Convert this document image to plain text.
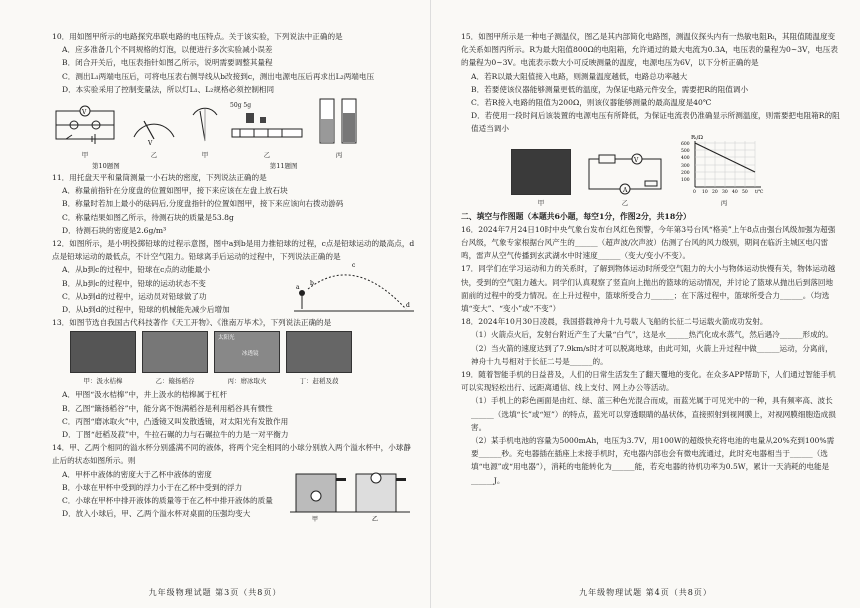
10．用如图甲所示的电路探究串联电路的电压特点。关于该实验，下列说法中正确的是

A．应多准备几个不同规格的灯泡，以便进行多次实验减小误差

B．闭合开关后，电压表指针如图乙所示，说明需要调整其量程

C．测出L₁两端电压后，可将电压表右侧导线从b改接到c，测出电源电压后再求出L₂两端电压

D．本实验采用了控制变量法，所以灯L₁、L₂规格必须控制相同

V
甲
V
乙	甲
50g 5g
乙	丙
第10题图	第11题图

11．用托盘天平和量筒测量一小石块的密度，下列说法正确的是

A．称量前指针在分度盘的位置如图甲，接下来应该在左盘上放石块

B．称量时若加上最小的砝码后,分度盘指针的位置如图甲，接下来应该向右拨动游码

C．称量结果如图乙所示，待测石块的质量是53.8g

D．待测石块的密度是2.6g/m³

12．如图所示，是小明投掷铅球的过程示意图，图中a到b是用力推铅球的过程，c点是铅球运动的最高点，d点是铅球运动的最低点，不计空气阻力。铅球离手后运动的过程中，下列说法正确的是

A．从b到c的过程中，铅球在c点的动能最小

B．从b到c的过程中，铅球的运动状态不变

C．从b到d的过程中，运动员对铅球做了功

D．从b到d的过程中，铅球的机械能先减少后增加

a
b
c
d

13．如图节选自我国古代科技著作《天工开物》、《淮南万毕术》，下列说法正确的是

甲：汲水桔槔	乙：簸扬稻谷
太阳光
冰透镜
丙：磨冰取火	丁：赶稻及菽

A．甲图“汲水桔槔”中，井上汲水的桔槔属于杠杆

B．乙图“簸扬稻谷”中，能分离不饱满稻谷是利用稻谷具有惯性

C．丙图“磨冰取火”中，凸透镜又叫发散透镜，对太阳光有发散作用

D．丁图“赶稻及菽”中，牛拉石碾的力与石碾拉牛的力是一对平衡力

14．甲、乙两个相同的溢水杯分别盛满不同的液体，将两个完全相同的小球分别放入两个溢水杯中，小球静止后的状态如图所示。则

A．甲杯中液体的密度大于乙杯中液体的密度

B．小球在甲杯中受到的浮力小于在乙杯中受到的浮力

C．小球在甲杯中排开液体的质量等于在乙杯中排开液体的质量

D．放入小球后，甲、乙两个溢水杯对桌面的压强均变大

甲	乙
九年级物理试题 第3页（共8页）

15．如图甲所示是一种电子测温仪，图乙是其内部简化电路图，测温仪探头内有一热敏电阻Rₜ，其阻值随温度变化关系如图丙所示。R为最大阻值800Ω的电阻箱，允许通过的最大电流为0.3A，电压表的量程为0~3V，电压表的量程为0~3V。电流表示数大小可反映测量的温度，电源电压为6V，以下分析正确的是

A．若R以最大阻值接入电路，则测量温度越低，电路总功率越大

B．若要使该仪器能够测量更低的温度，为保证电路元件安全，需要把R的阻值调小

C．若R接入电路的阻值为200Ω，则该仪器能够测量的最高温度是40℃

D．若使用一段时间后该装置的电源电压有所降低，为保证电流表仍准确显示所测温度，则需要把电阻箱R的阻值适当调小

甲
V
A
乙
Rₜ/Ω
600
500
400
300
200
100
0 10 20 30 40 50 t/℃
丙

二、填空与作图题（本题共6小题，每空1分，作图2分，共18分）

16．2024年7月24日10时中央气象台发布台风红色预警，今年第3号台风“格美”上午8点由强台风级加强为超强台风级，气象专家根据台风产生的______（超声波/次声波）估测了台风的风力级别，期间在临沂主城区电闪雷鸣，雷声从空气传播到玄武湖水中时速度______（变大/变小/不变）。

17．同学们在学习运动和力的关系时，了解到物体运动时所受空气阻力的大小与物体运动快慢有关，物体运动越快，受到的空气阻力越大。同学们认真观察了竖直向上抛出的篮球的运动情况，并讨论了篮球从抛出后到落回地面前的过程中的受力情况。在上升过程中，篮球所受合力______；在下落过程中，篮球所受合力______。（均选填“变大”、“变小”或“不变”）

18．2024年10月30日凌晨，我国搭载神舟十九号载人飞船的长征二号运载火箭成功发射。

（1）火箭点火后，发射台附近产生了大量“白气”，这是水______热汽化成水蒸气，然后遇冷______形成的。

（2）当火箭的速度达到了7.9km/s时才可以脱离地球，由此可知，火箭上升过程中做______运动，分离前，神舟十九号相对于长征二号是______的。

19．随着智能手机的日益普及，人们的日常生活发生了翻天覆地的变化。在众多APP帮助下，人们通过智能手机可以实现轻松出行、远距离通信、线上支付、网上办公等活动。

（1）手机上的彩色画面是由红、绿、蓝三种色光混合而成，而蓝光属于可见光中的一种，具有频率高、波长______（选填“长”或“短”）的特点，蓝光可以穿透眼睛的晶状体，直接照射到视网膜上，对视网膜细胞造成损害。

（2）某手机电池的容量为5000mAh，电压为3.7V，用100W的超级快充将电池的电量从20%充到100%需要______秒。充电器插在插座上未接手机时，充电器内部也会有微电流通过，此时充电器相当于______（选填“电源”或“用电器”），消耗的电能转化为______能，若充电器的待机功率为0.5W，累计一天消耗的电能是______J。

九年级物理试题 第4页（共8页）
